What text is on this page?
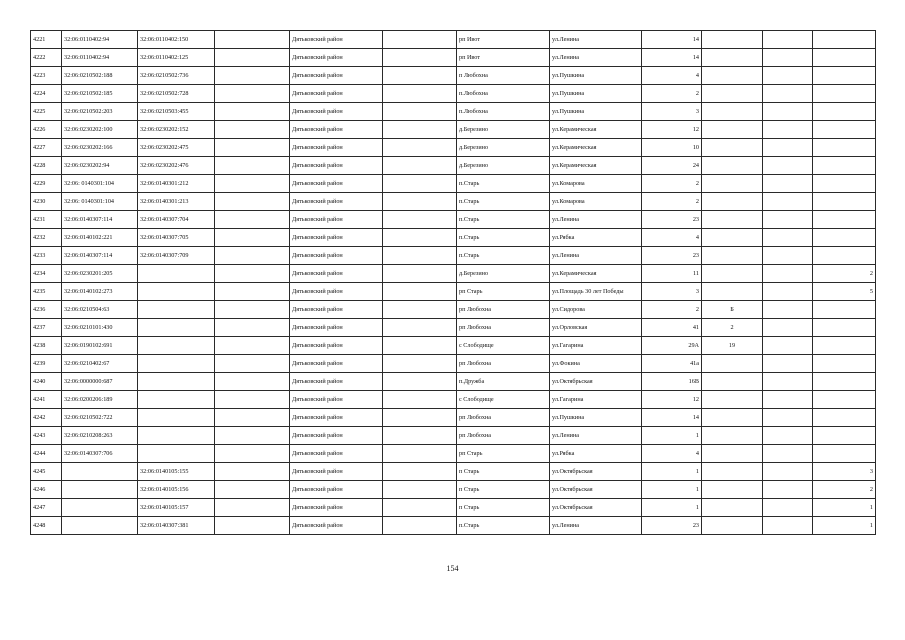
4221	32:06:0110402:94	32:06:0110402:150		Дятьковский район		рп Ивот	ул.Ленина	14			
4222	32:06:0110402:94	32:06:0110402:125		Дятьковский район		рп Ивот	ул.Ленина	14			
4223	32:06:0210502:188	32:06:0210502:736		Дятьковский район		п Любохна	ул.Пушкина	4			
4224	32:06:0210502:185	32:06:0210502:728		Дятьковский район		п.Любохна	ул.Пушкина	2			
4225	32:06:0210502:203	32:06:0210503:455		Дятьковский район		п.Любохна	ул.Пушкина	3			
4226	32:06:0230202:100	32:06:0230202:152		Дятьковский район		д.Березино	ул.Керамическая	12			
4227	32:06:0230202:166	32:06:0230202:475		Дятьковский район		д.Березино	ул.Керамическая	10			
4228	32:06:0230202:94	32:06:0230202:476		Дятьковский район		д.Березино	ул.Керамическая	24			
4229	32:06: 0140301:104	32:06:0140301:212		Дятьковский район		п.Старь	ул.Комарова	2			
4230	32:06: 0140301:104	32:06:0140301:213		Дятьковский район		п.Старь	ул.Комарова	2			
4231	32:06:0140307:114	32:06:0140307:704		Дятьковский район		п.Старь	ул.Ленина	23			
4232	32:06:0140102:221	32:06:0140307:705		Дятьковский район		п.Старь	ул.Рябка	4			
4233	32:06:0140307:114	32:06:0140307:709		Дятьковский район		п.Старь	ул.Ленина	23			
4234	32:06:0230201:205			Дятьковский район		д.Березино	ул.Керамическая	11			2
4235	32:06:0140102:273			Дятьковский район		рп Старь	ул.Площадь 30 лет Победы	3			5
4236	32:06:0210504:63			Дятьковский район		рп Любохна	ул.Сидорова	2	Б		
4237	32:06:0210101:430			Дятьковский район		рп Любохна	ул.Орловская	41	2		
4238	32:06:0190102:691			Дятьковский район		с Слободище	ул.Гагарина	29А	19		
4239	32:06:0210402:67			Дятьковский район		рп Любохна	ул.Фокина	41а			
4240	32:06:0000000:687			Дятьковский район		п.Дружба	ул.Октябрьская	16В			
4241	32:06:0200206:189			Дятьковский район		с Слободище	ул.Гагарина	12			
4242	32:06:0210502:722			Дятьковский район		рп Любохна	ул.Пушкина	14			
4243	32:06:0210208:263			Дятьковский район		рп Любохна	ул.Ленина	1			
4244	32:06:0140307:706			Дятьковский район		рп Старь	ул.Рябка	4			
4245		32:06:0140105:155		Дятьковский район		п Старь	ул.Октябрьская	1			3
4246		32:06:0140105:156		Дятьковский район		п Старь	ул.Октябрьская	1			2
4247		32:06:0140105:157		Дятьковский район		п Старь	ул.Октябрьская	1			1
4248		32:06:0140307:381		Дятьковский район		п.Старь	ул.Ленина	23			1
154
